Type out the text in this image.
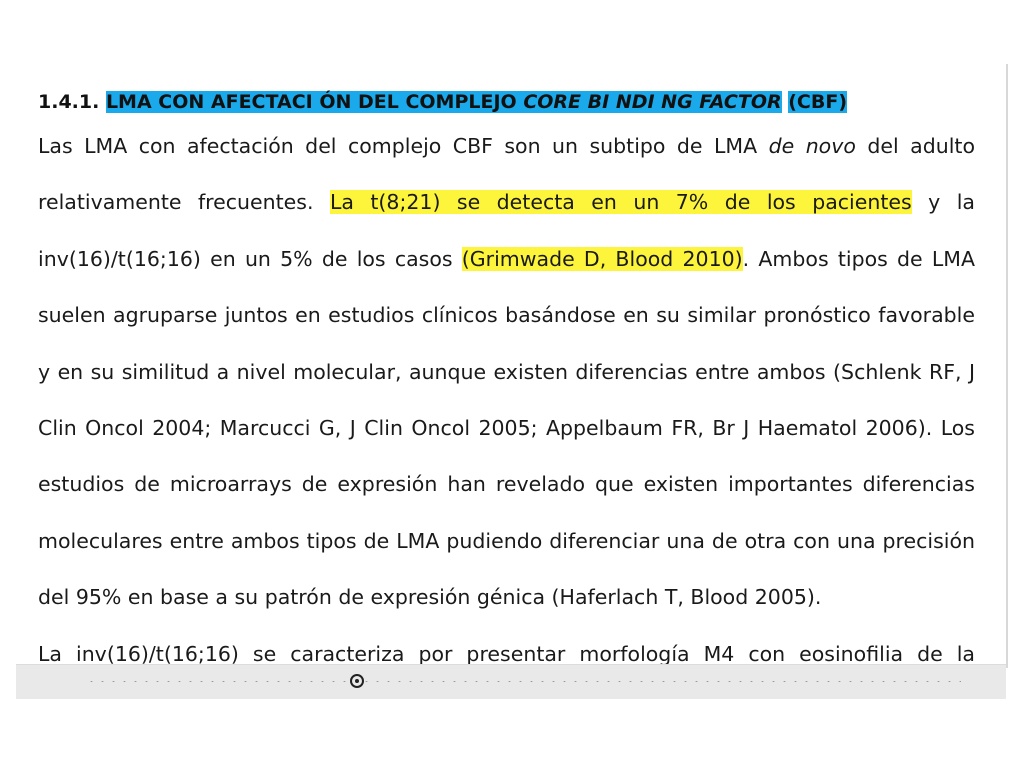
1.4.1. LMA CON AFECTACI ÓN DEL COMPLEJO CORE BI NDI NG FACTOR (CBF)

Las LMA con afectación del complejo CBF son un subtipo de LMA de novo del adulto
relativamente frecuentes. La t(8;21) se detecta en un 7% de los pacientes y la
inv(16)/t(16;16) en un 5% de los casos (Grimwade D, Blood 2010). Ambos tipos de LMA
suelen agruparse juntos en estudios clínicos basándose en su similar pronóstico favorable
y en su similitud a nivel molecular, aunque existen diferencias entre ambos (Schlenk RF, J
Clin Oncol 2004; Marcucci G, J Clin Oncol 2005; Appelbaum FR, Br J Haematol 2006). Los
estudios de microarrays de expresión han revelado que existen importantes diferencias
moleculares entre ambos tipos de LMA pudiendo diferenciar una de otra con una precisión
del 95% en base a su patrón de expresión génica (Haferlach T, Blood 2005).
La inv(16)/t(16;16) se caracteriza por presentar morfología M4 con eosinofilia de la
